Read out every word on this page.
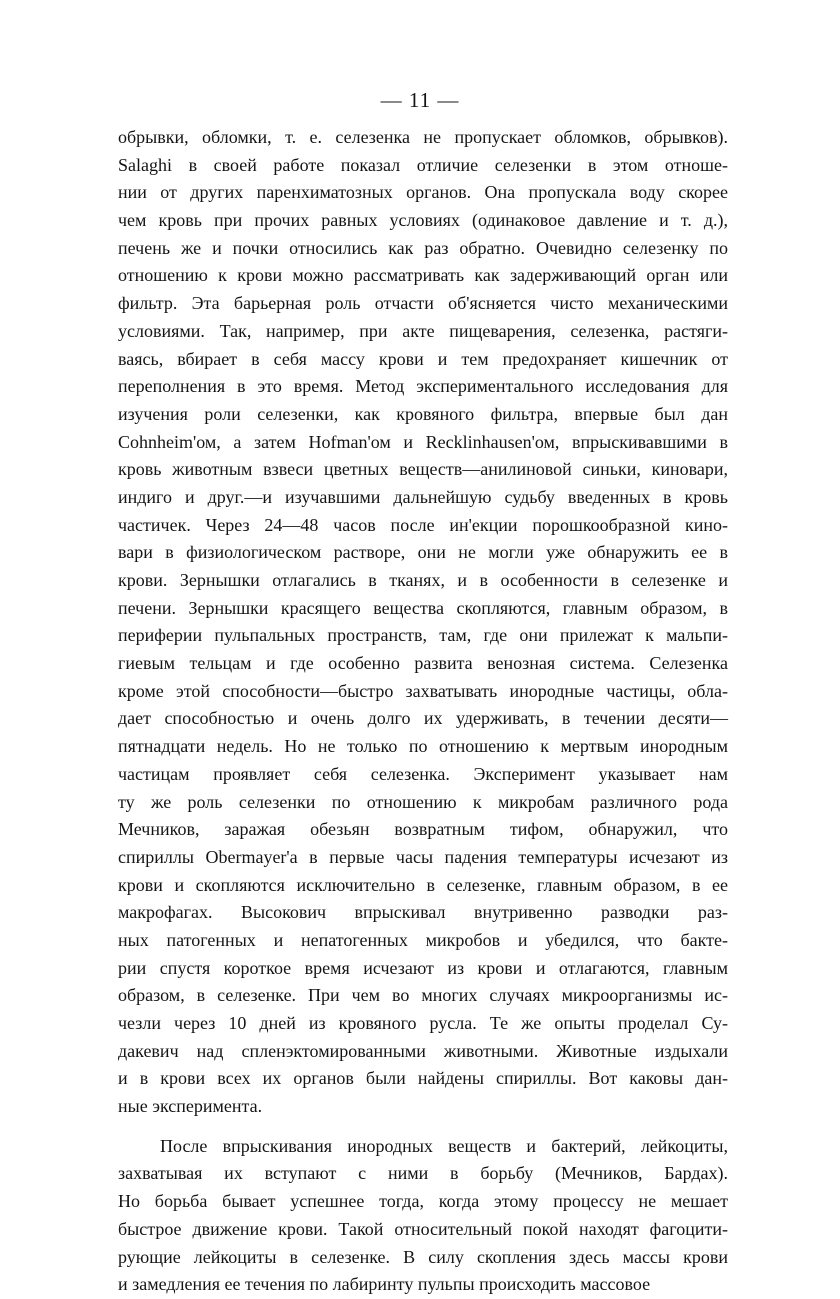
— 11 —
обрывки, обломки, т. е. селезенка не пропускает обломков, обрывков).
Salaghi в своей работе показал отличие селезенки в этом отноше-
нии от других паренхиматозных органов. Она пропускала воду скорее
чем кровь при прочих равных условиях (одинаковое давление и т. д.),
печень же и почки относились как раз обратно. Очевидно селезенку по
отношению к крови можно рассматривать как задерживающий орган или
фильтр. Эта барьерная роль отчасти об'ясняется чисто механическими
условиями. Так, например, при акте пищеварения, селезенка, растяги-
ваясь, вбирает в себя массу крови и тем предохраняет кишечник от
переполнения в это время. Метод экспериментального исследования для
изучения роли селезенки, как кровяного фильтра, впервые был дан
Cohnheim'ом, а затем Hofman'ом и Recklinhausen'ом, впрыскивавшими в
кровь животным взвеси цветных веществ—анилиновой синьки, киновари,
индиго и друг.—и изучавшими дальнейшую судьбу введенных в кровь
частичек. Через 24—48 часов после ин'екции порошкообразной кино-
вари в физиологическом растворе, они не могли уже обнаружить ее в
крови. Зернышки отлагались в тканях, и в особенности в селезенке и
печени. Зернышки красящего вещества скопляются, главным образом, в
периферии пульпальных пространств, там, где они прилежат к мальпи-
гиевым тельцам и где особенно развита венозная система. Селезенка
кроме этой способности—быстро захватывать инородные частицы, обла-
дает способностью и очень долго их удерживать, в течении десяти—
пятнадцати недель. Но не только по отношению к мертвым инородным
частицам проявляет себя селезенка. Эксперимент указывает нам
ту же роль селезенки по отношению к микробам различного рода
Мечников, заражая обезьян возвратным тифом, обнаружил, что
спириллы Obermayer'а в первые часы падения температуры исчезают из
крови и скопляются исключительно в селезенке, главным образом, в ее
макрофагах. Высокович впрыскивал внутривенно разводки раз-
ных патогенных и непатогенных микробов и убедился, что бакте-
рии спустя короткое время исчезают из крови и отлагаются, главным
образом, в селезенке. При чем во многих случаях микроорганизмы ис-
чезли через 10 дней из кровяного русла. Те же опыты проделал Су-
дакевич над спленэктомированными животными. Животные издыхали
и в крови всех их органов были найдены спириллы. Вот каковы дан-
ные эксперимента.
После впрыскивания инородных веществ и бактерий, лейкоциты,
захватывая их вступают с ними в борьбу (Мечников, Бардах).
Но борьба бывает успешнее тогда, когда этому процессу не мешает
быстрое движение крови. Такой относительный покой находят фагоцити-
рующие лейкоциты в селезенке. В силу скопления здесь массы крови
и замедления ее течения по лабиринту пульпы происходить массовое
